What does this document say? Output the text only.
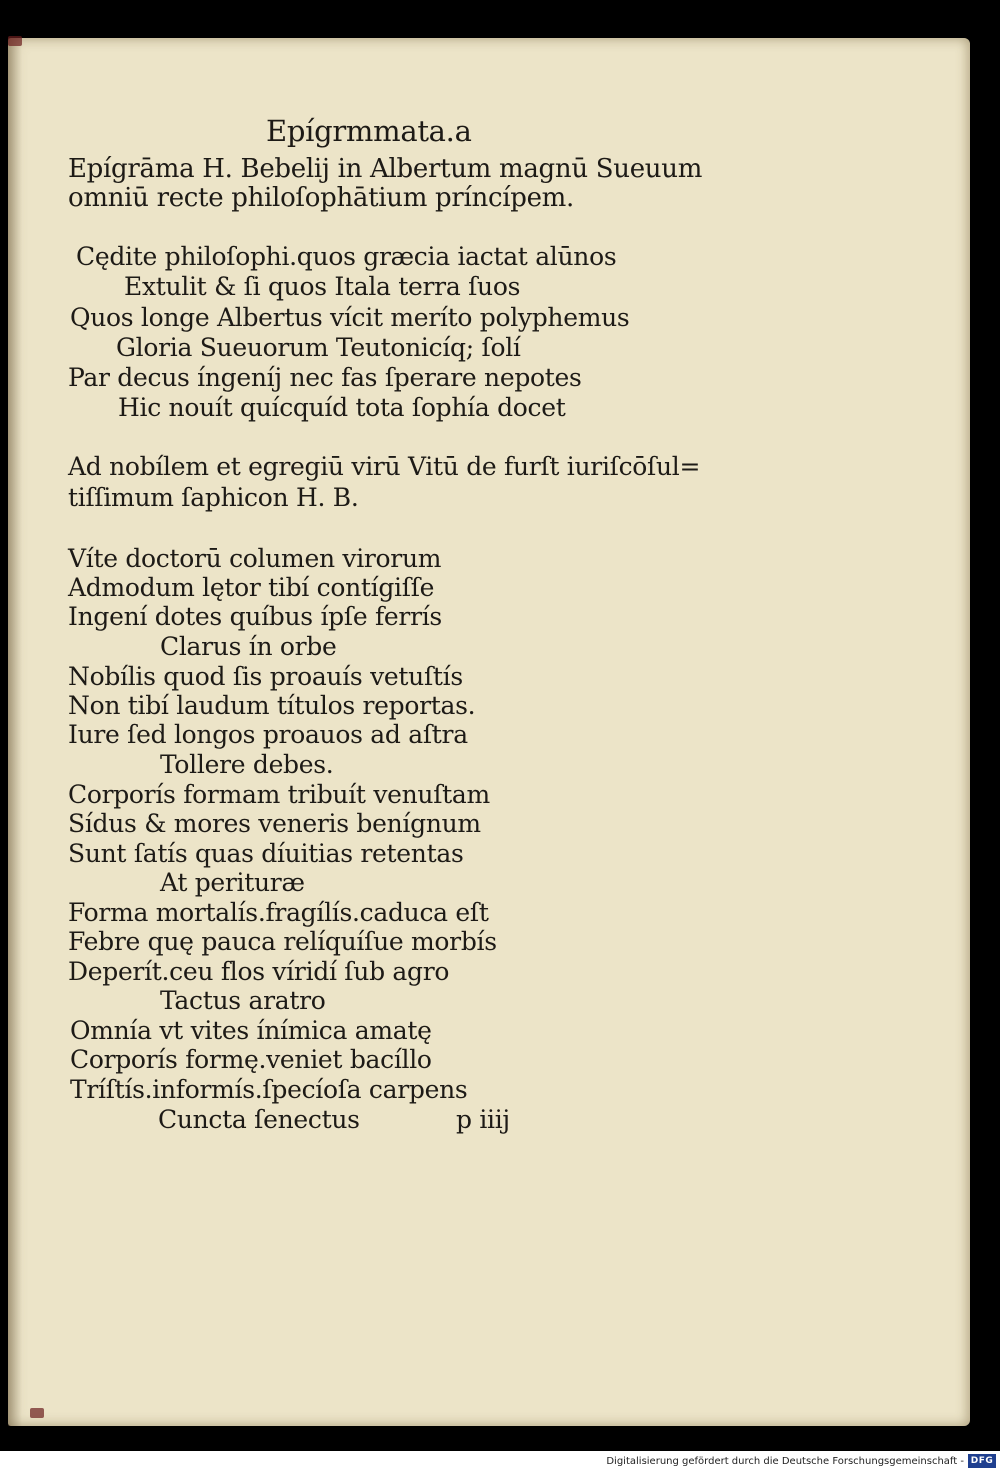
Epígrmmata.a
Epígrāma H. Bebelij in Albertum magnū Sueuum
omniū recte philoſophātium príncípem.
Cędite philoſophi.quos græcia iactat alūnos
Extulit & ſi quos Itala terra ſuos
Quos longe Albertus vícit meríto polyphemus
Gloria Sueuorum Teutonicíq; ſolí
Par decus íngeníj nec fas ſperare nepotes
Hic nouít quícquíd tota ſophía docet
Ad nobílem et egregiū virū Vitū de furſt iuriſcōſul=
tiſſimum ſaphicon H. B.
Víte doctorū columen virorum
Admodum lętor tibí contígiſſe
Ingení dotes quíbus ípſe ferrís
Clarus ín orbe
Nobílis quod ſis proauís vetuſtís
Non tibí laudum títulos reportas.
Iure ſed longos proauos ad aſtra
Tollere debes.
Corporís formam tribuít venuſtam
Sídus & mores veneris benígnum
Sunt ſatís quas díuitias retentas
At perituræ
Forma mortalís.fragílís.caduca eſt
Febre quę pauca relíquíſue morbís
Deperít.ceu flos víridí ſub agro
Tactus aratro
Omnía vt vites ínímica amatę
Corporís formę.veniet bacíllo
Tríſtís.informís.ſpecíoſa carpens
Cuncta ſenectus	p iiij
Digitalisierung gefördert durch die Deutsche Forschungsgemeinschaft - DFG
